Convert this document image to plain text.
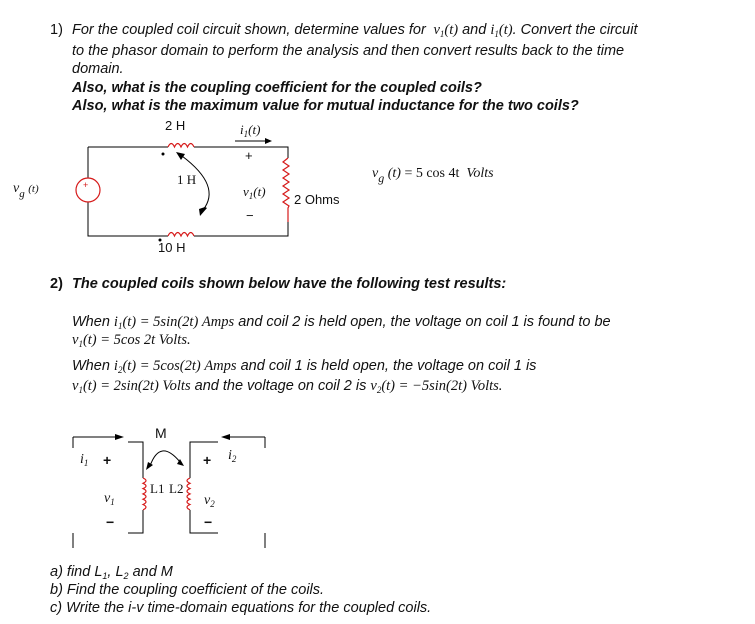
1) For the coupled coil circuit shown, determine values for $v_1(t)$ and $i_1(t)$. Convert the circuit
to the phasor domain to perform the analysis and then convert results back to the time
domain.
Also, what is the coupling coefficient for the coupled coils?
Also, what is the maximum value for mutual inductance for the two coils?
+
2 H
1 H
10 H
$i_1(t)$
+
$v_1(t)$
−
2 Ohms
$v_g$ (t)
vg (t) = 5 cos 4t Volts
2) The coupled coils shown below have the following test results:
When $i_1(t) = 5\sin(2t)$ Amps and coil 2 is held open, the voltage on coil 1 is found to be
$v_1(t) = 5\cos$ 2t Volts.
When $i_2(t) = 5\cos(2t)$ Amps and coil 1 is held open, the voltage on coil 1 is
$v_1(t) = 2\sin(2t)$ Volts and the voltage on coil 2 is $v_2(t) = -5\sin(2t)$ Volts.
$i_1$ +
$v_1$
−
M
L1 L2
$i_2$
+
$v_2$
−
a) find $L_1$, $L_2$ and M
b) Find the coupling coefficient of the coils.
c) Write the i-v time-domain equations for the coupled coils.
